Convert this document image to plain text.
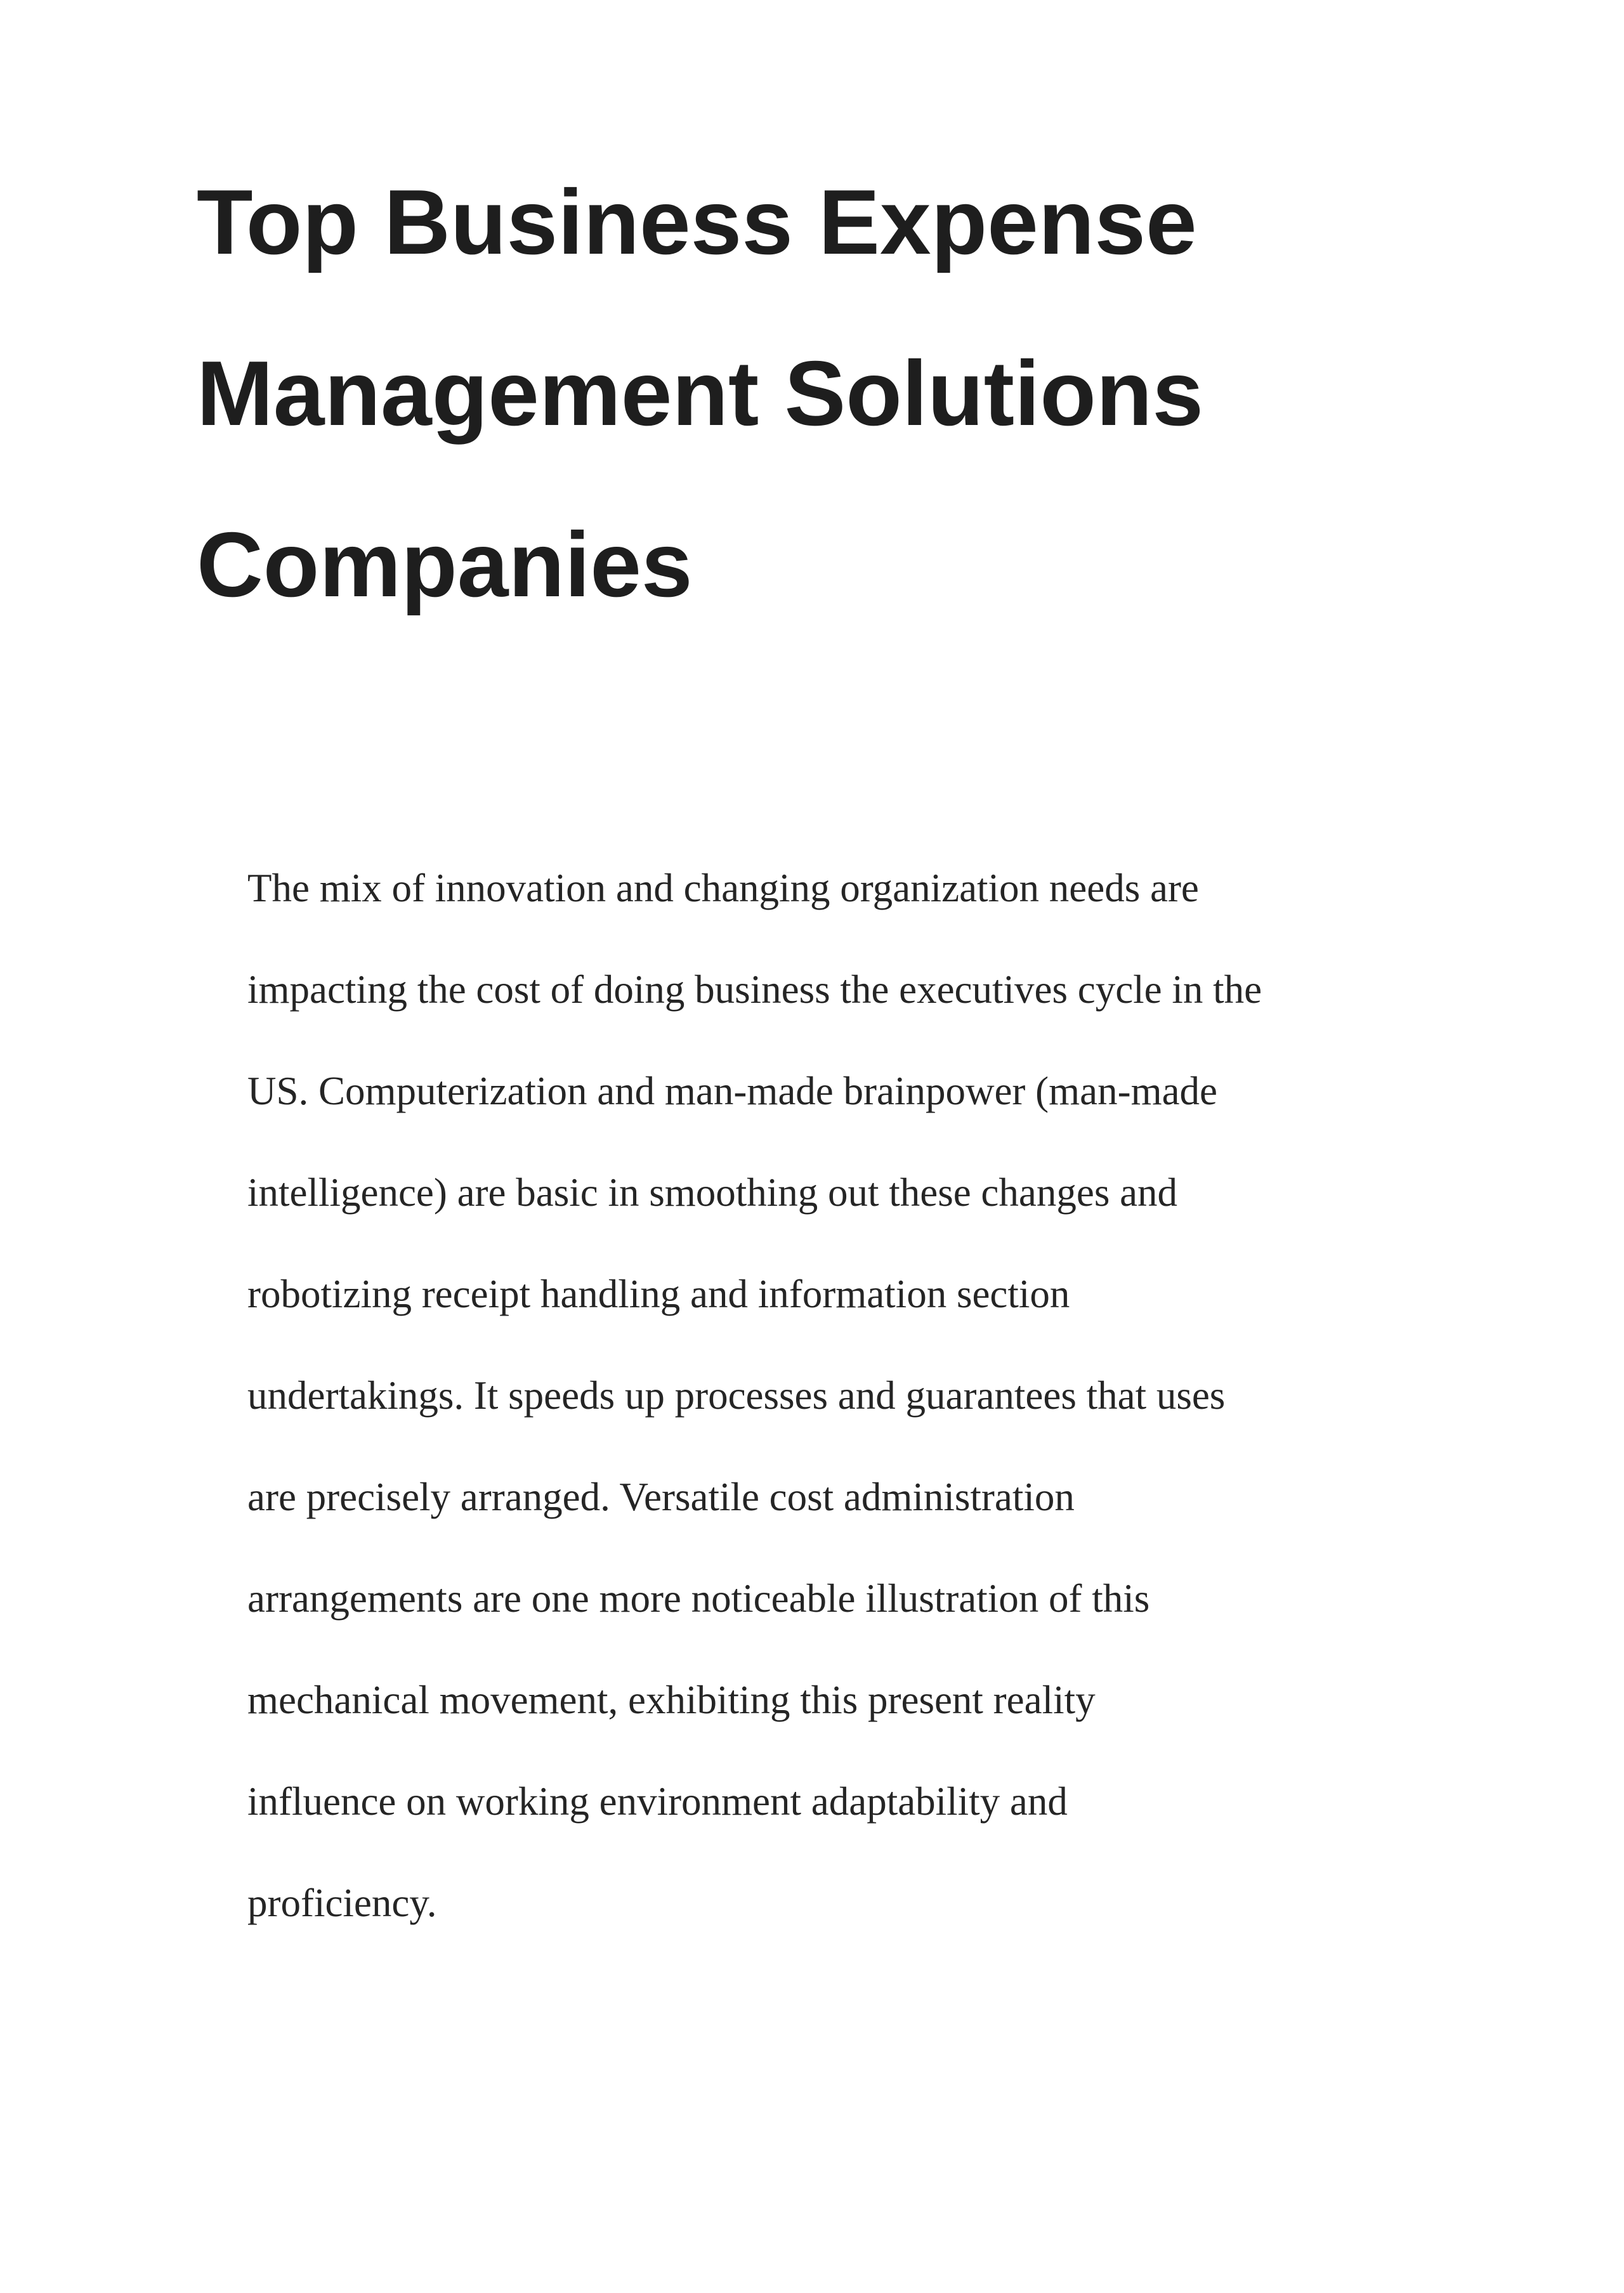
Top Business Expense
Management Solutions
Companies

The mix of innovation and changing organization needs are
impacting the cost of doing business the executives cycle in the
US. Computerization and man-made brainpower (man-made
intelligence) are basic in smoothing out these changes and
robotizing receipt handling and information section
undertakings. It speeds up processes and guarantees that uses
are precisely arranged. Versatile cost administration
arrangements are one more noticeable illustration of this
mechanical movement, exhibiting this present reality
influence on working environment adaptability and
proficiency.
